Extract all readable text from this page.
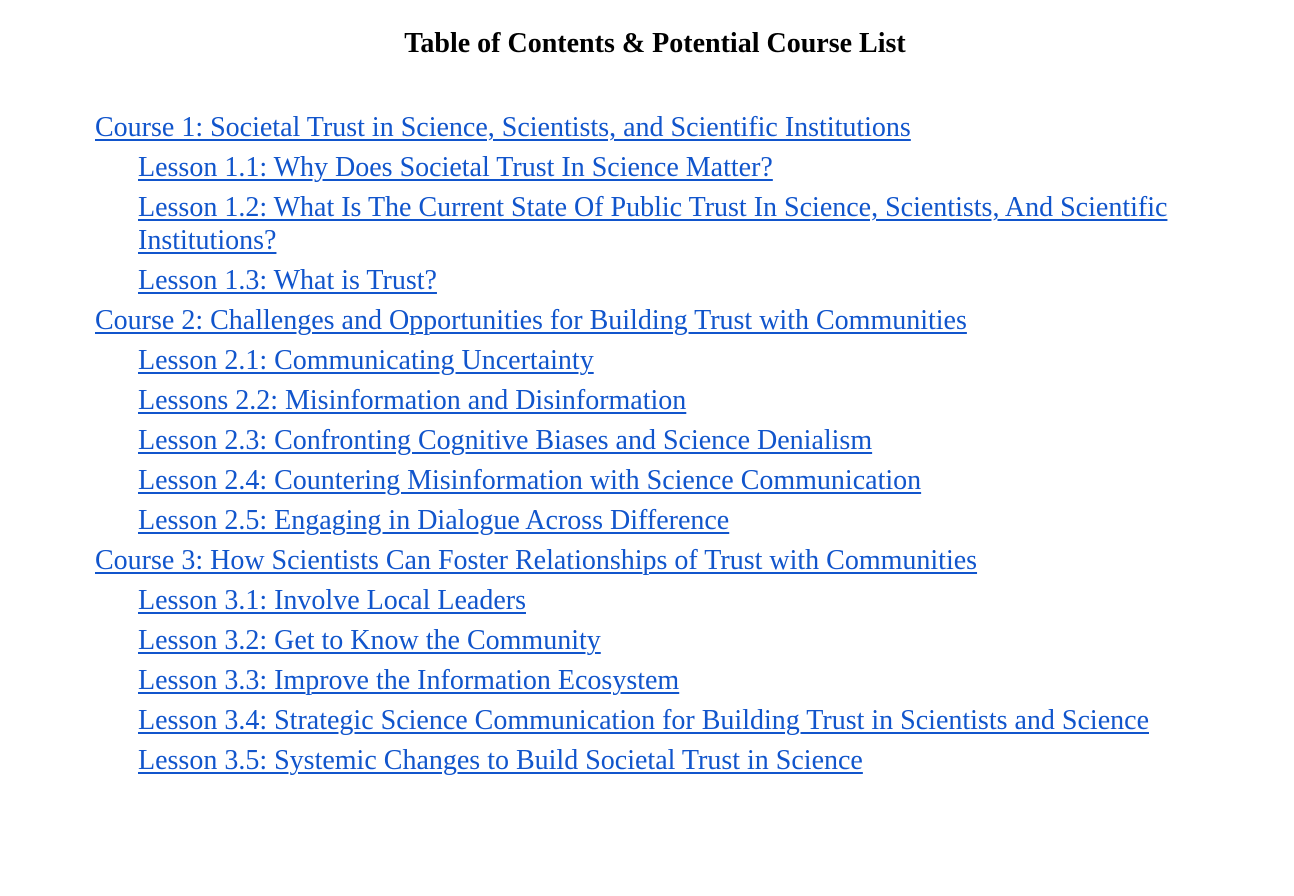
Table of Contents & Potential Course List
Course 1: Societal Trust in Science, Scientists, and Scientific Institutions
Lesson 1.1: Why Does Societal Trust In Science Matter?
Lesson 1.2: What Is The Current State Of Public Trust In Science, Scientists, And Scientific Institutions?
Lesson 1.3: What is Trust?
Course 2: Challenges and Opportunities for Building Trust with Communities
Lesson 2.1: Communicating Uncertainty
Lessons 2.2: Misinformation and Disinformation
Lesson 2.3: Confronting Cognitive Biases and Science Denialism
Lesson 2.4: Countering Misinformation with Science Communication
Lesson 2.5: Engaging in Dialogue Across Difference
Course 3: How Scientists Can Foster Relationships of Trust with Communities
Lesson 3.1: Involve Local Leaders
Lesson 3.2: Get to Know the Community
Lesson 3.3: Improve the Information Ecosystem
Lesson 3.4: Strategic Science Communication for Building Trust in Scientists and Science
Lesson 3.5: Systemic Changes to Build Societal Trust in Science
